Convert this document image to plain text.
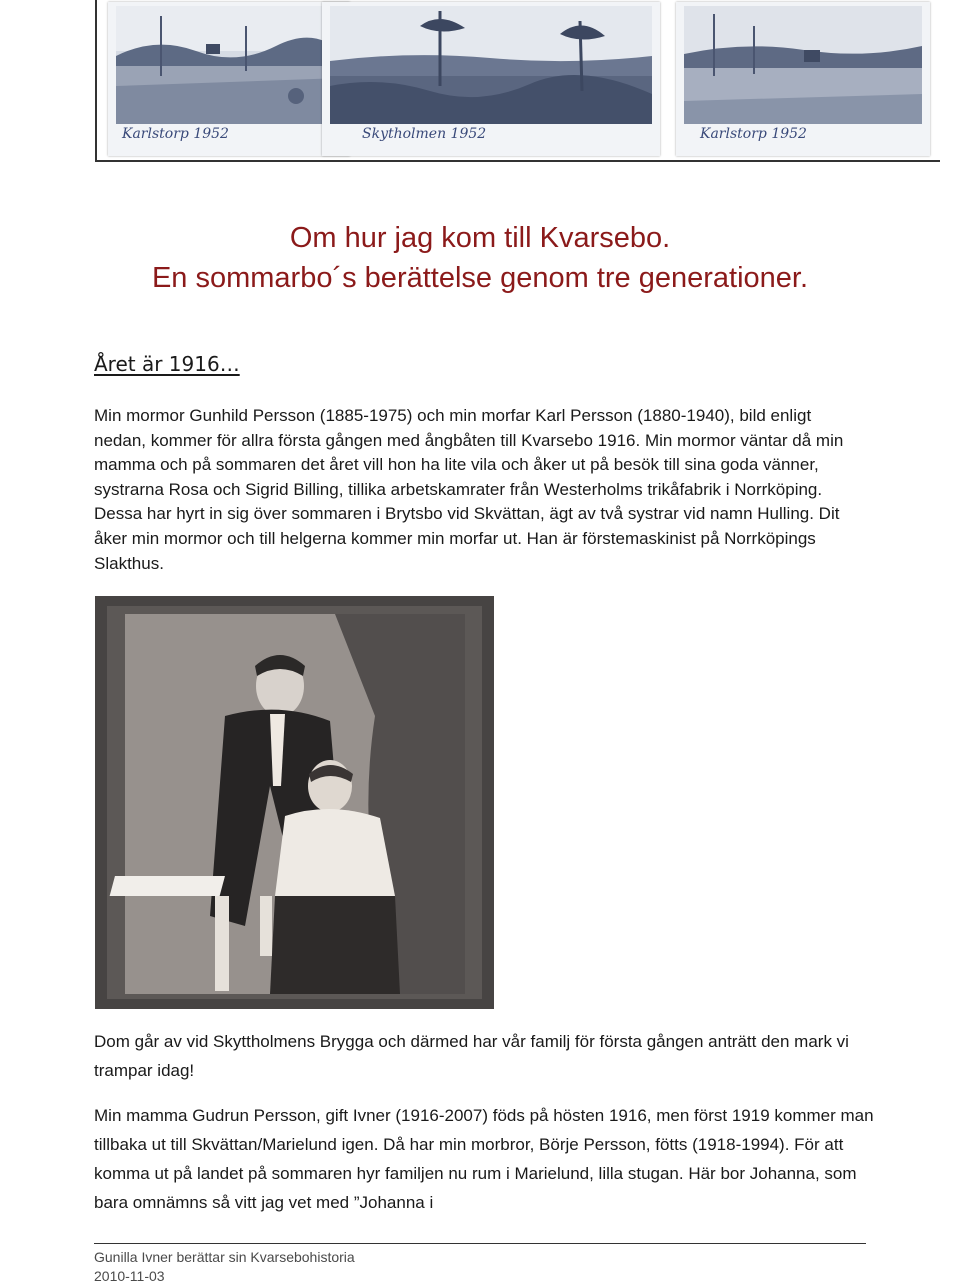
Karlstorp 1952	Skytholmen 1952	Karlstorp 1952
Om hur jag kom till Kvarsebo.
En sommarbo´s berättelse genom tre generationer.
Året är 1916…

Min mormor Gunhild Persson (1885-1975) och min morfar Karl Persson (1880-1940), bild enligt nedan, kommer för allra första gången med ångbåten till Kvarsebo 1916. Min mormor väntar då min mamma och på sommaren det året vill hon ha lite vila och åker ut på besök till sina goda vänner, systrarna Rosa och Sigrid Billing, tillika arbetskamrater från Westerholms trikåfabrik i Norrköping. Dessa har hyrt in sig över sommaren i Brytsbo vid Skvättan, ägt av två systrar vid namn Hulling. Dit åker min mormor och till helgerna kommer min morfar ut. Han är förstemaskinist på Norrköpings Slakthus.

Dom går av vid Skyttholmens Brygga och därmed har vår familj för första gången anträtt den mark vi trampar idag!

Min mamma Gudrun Persson, gift Ivner (1916-2007) föds på hösten 1916, men först 1919 kommer man tillbaka ut till Skvättan/Marielund igen. Då har min morbror, Börje Persson, fötts (1918-1994). För att komma ut på landet på sommaren hyr familjen nu rum i Marielund, lilla stugan. Här bor Johanna, som bara omnämns så vitt jag vet med ”Johanna i

Gunilla Ivner berättar sin Kvarsebohistoria
2010-11-03
